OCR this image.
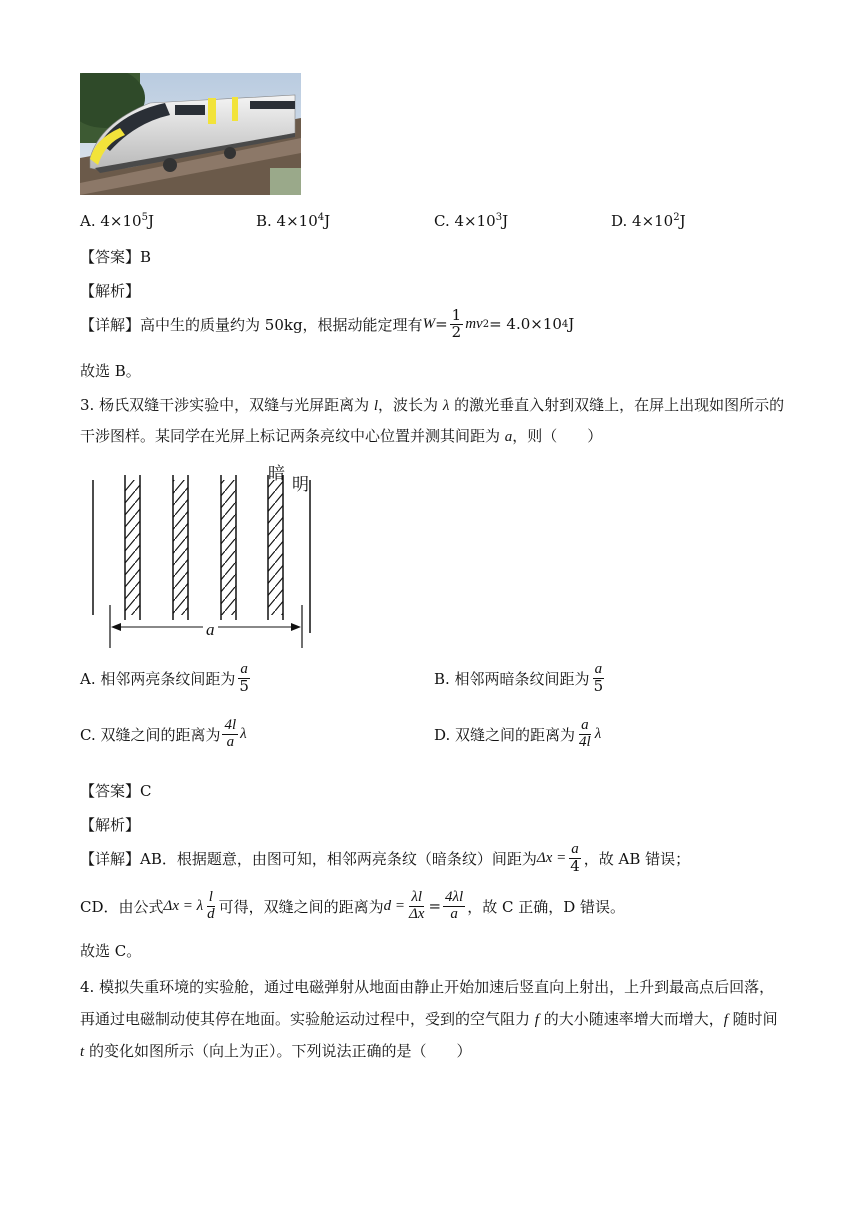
A. $4\times 10^5J$	B. $4\times 10^4J$	C. $4\times 10^3J$	D. $4\times 10^2J$
【答案】B
【解析】
【详解】高中生的质量约为 50kg，根据动能定理有 $W = \frac{1}{2}$ mv 2 = 4.0×10 4 J
故选 B。
3. 杨氏双缝干涉实验中，双缝与光屏距离为 l，波长为 λ 的激光垂直入射到双缝上，在屏上出现如图所示的
干涉图样。某同学在光屏上标记两条亮纹中心位置并测其间距为 a，则（　　）
暗
明
a
A. 相邻两亮条纹间距为 $\frac{a}{5}$	B. 相邻两暗条纹间距为 $\frac{a}{5}$
C. 双缝之间的距离为 $\frac{4l}{a}$ λ	D. 双缝之间的距离为 $\frac{a}{4l}$ λ
【答案】C
【解析】
【详解】AB．根据题意，由图可知，相邻两亮条纹（暗条纹）间距为 $\Delta x = \frac{a}{4}$ ，故 AB 错误；
CD．由公式 Δx = λ $\frac{l}{d}$ 可得，双缝之间的距离为 $d = \frac{\lambda l}{\Delta x} = \frac{4\lambda l}{a}$ ，故 C 正确，D 错误。
故选 C。
4. 模拟失重环境的实验舱，通过电磁弹射从地面由静止开始加速后竖直向上射出，上升到最高点后回落，
再通过电磁制动使其停在地面。实验舱运动过程中，受到的空气阻力 f 的大小随速率增大而增大，f 随时间
t 的变化如图所示（向上为正）。下列说法正确的是（　　）
